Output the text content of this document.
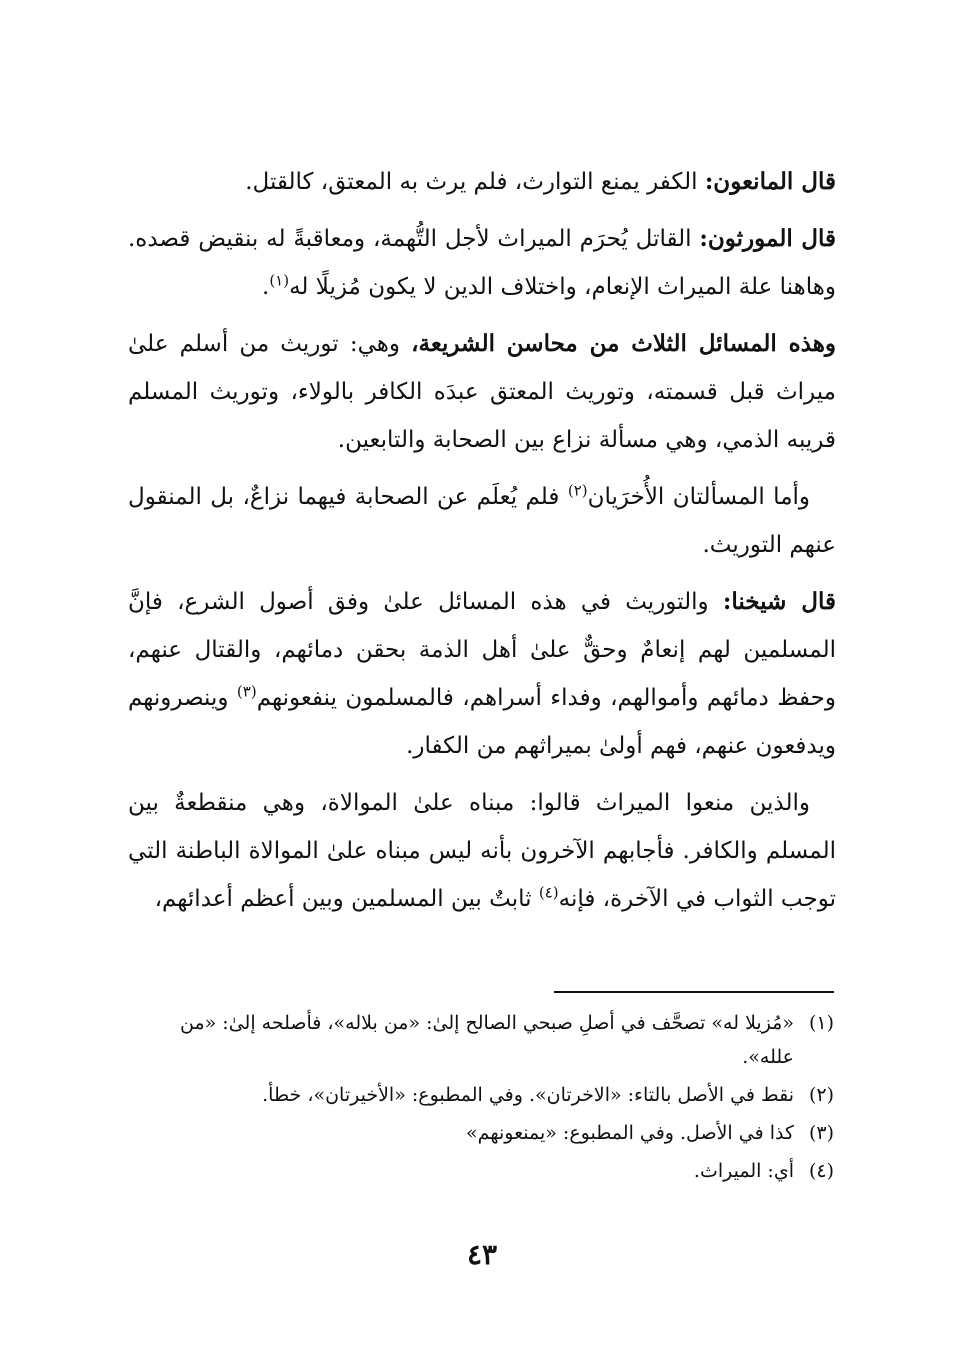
قال المانعون: الكفر يمنع التوارث، فلم يرث به المعتق، كالقتل.

قال المورثون: القاتل يُحرَم الميراث لأجل التُّهمة، ومعاقبةً له بنقيض قصده. وهاهنا علة الميراث الإنعام، واختلاف الدين لا يكون مُزيلًا له$^{(١)}$.

وهذه المسائل الثلاث من محاسن الشريعة، وهي: توريث من أسلم علىٰ ميراث قبل قسمته، وتوريث المعتق عبدَه الكافر بالولاء، وتوريث المسلم قريبه الذمي، وهي مسألة نزاع بين الصحابة والتابعين.

وأما المسألتان الأُخرَيان$^{(٢)}$ فلم يُعلَم عن الصحابة فيهما نزاعٌ، بل المنقول عنهم التوريث.

قال شيخنا: والتوريث في هذه المسائل علىٰ وفق أصول الشرع، فإنَّ المسلمين لهم إنعامٌ وحقٌّ علىٰ أهل الذمة بحقن دمائهم، والقتال عنهم، وحفظ دمائهم وأموالهم، وفداء أسراهم، فالمسلمون ينفعونهم$^{(٣)}$ وينصرونهم ويدفعون عنهم، فهم أولىٰ بميراثهم من الكفار.

والذين منعوا الميراث قالوا: مبناه علىٰ الموالاة، وهي منقطعةٌ بين المسلم والكافر. فأجابهم الآخرون بأنه ليس مبناه علىٰ الموالاة الباطنة التي توجب الثواب في الآخرة، فإنه$^{(٤)}$ ثابتٌ بين المسلمين وبين أعظم أعدائهم،

(١)
«مُزيلا له» تصحَّف في أصلِ صبحي الصالح إلىٰ: «من بلاله»، فأصلحه إلىٰ: «من علله».
(٢)
نقط في الأصل بالتاء: «الاخرتان». وفي المطبوع: «الأخيرتان»، خطأ.
(٣)
كذا في الأصل. وفي المطبوع: «يمنعونهم»
(٤)
أي: الميراث.
٤٣
